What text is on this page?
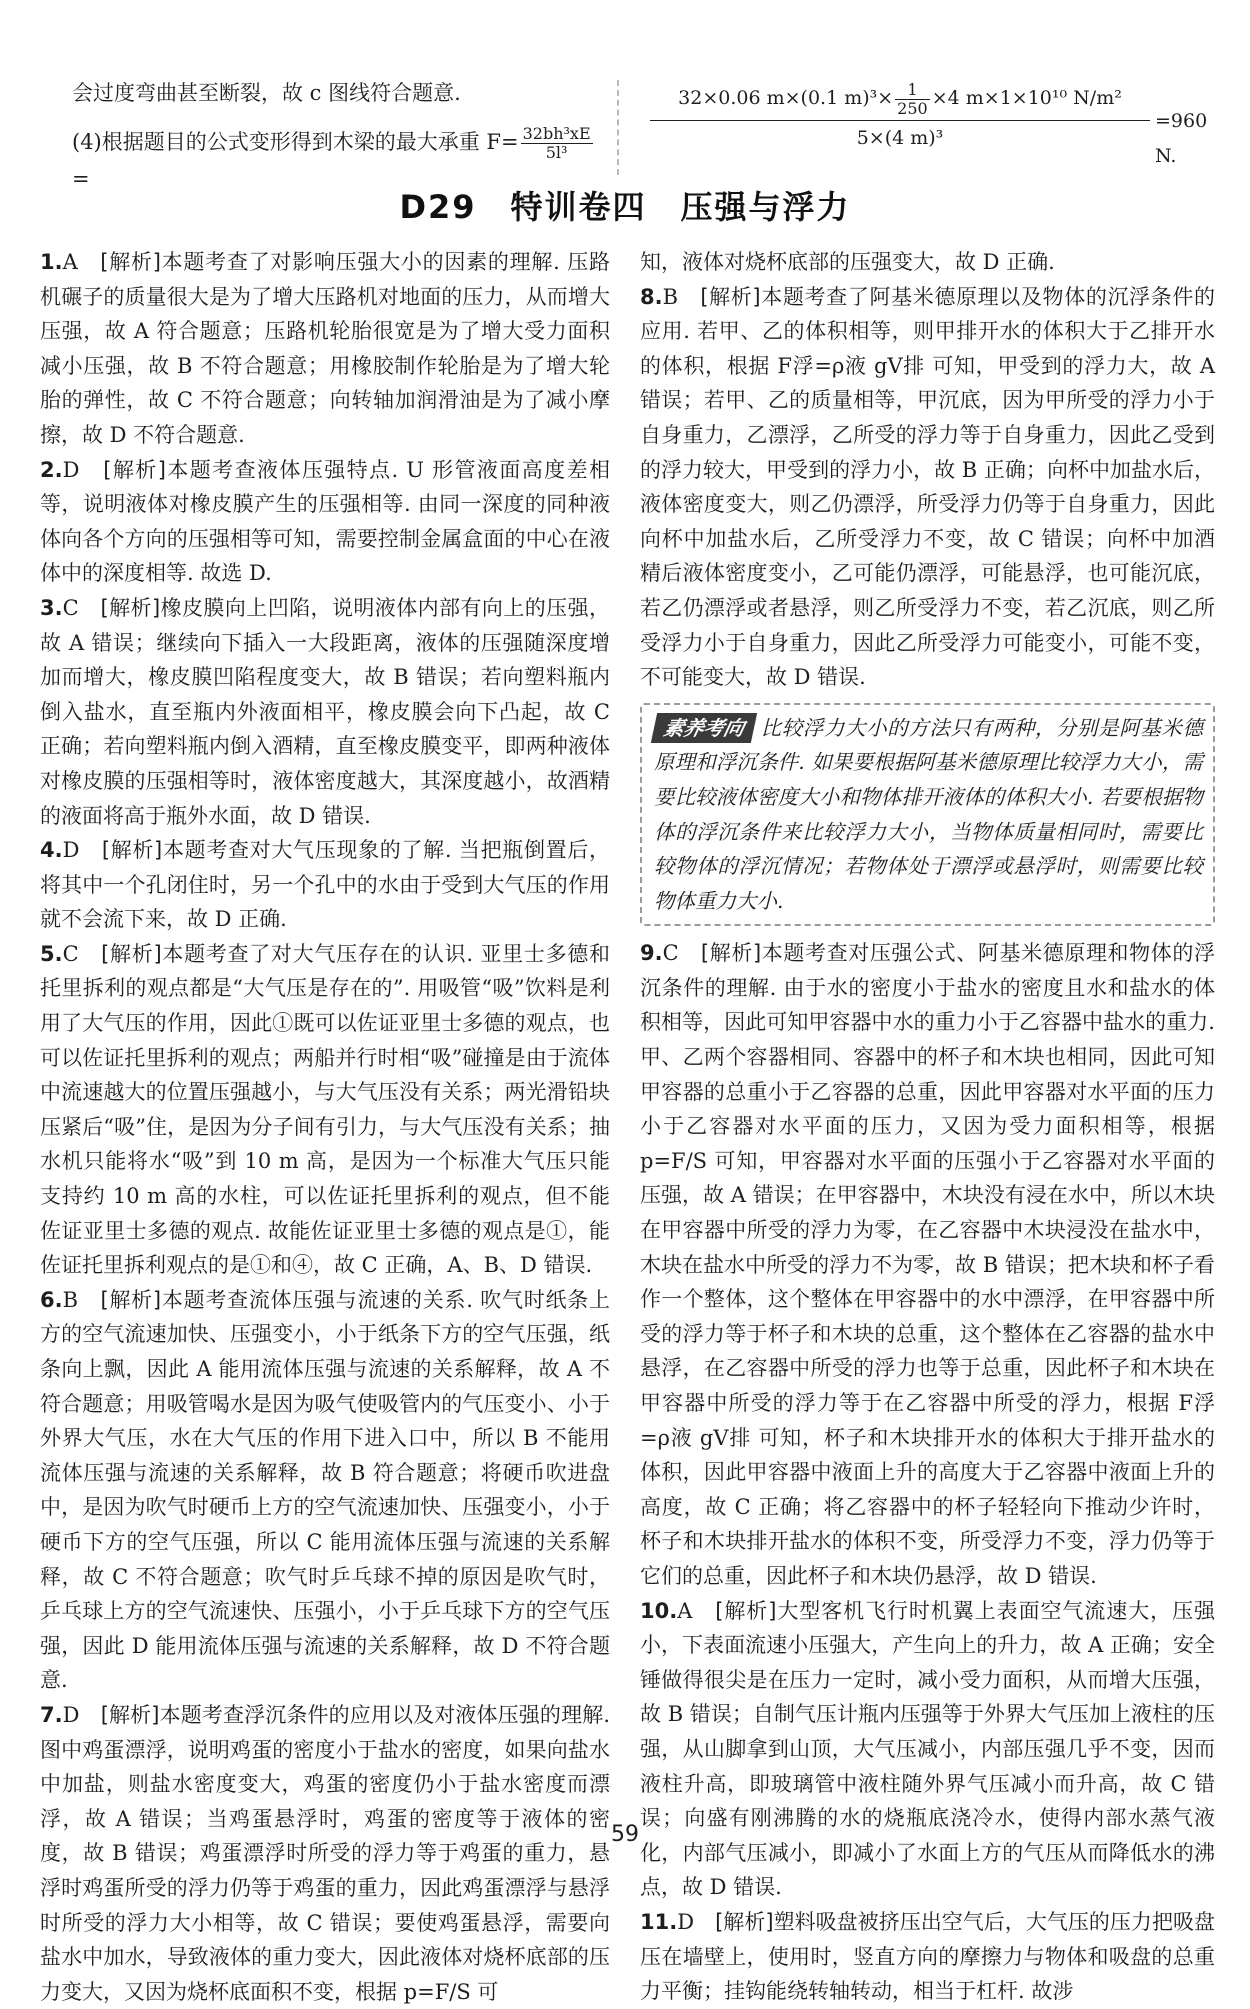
会过度弯曲甚至断裂，故 c 图线符合题意.

(4)根据题目的公式变形得到木梁的最大承重 $F= \frac{\text{32bh³xE}}{\text{5l³}}$
=

32×0.06 m×(0.1 $m)^3\times \frac{1}{250} \times 4$ m×1×10¹⁰ N/m²
5×(4 m)³
=960 N.
D29　特训卷四　压强与浮力

1.A　 [解析]本题考查了对影响压强大小的因素的理解. 压路机碾子的质量很大是为了增大压路机对地面的压力，从而增大压强，故 A 符合题意；压路机轮胎很宽是为了增大受力面积减小压强，故 B 不符合题意；用橡胶制作轮胎是为了增大轮胎的弹性，故 C 不符合题意；向转轴加润滑油是为了减小摩擦，故 D 不符合题意.

2.D　 [解析]本题考查液体压强特点. U 形管液面高度差相等，说明液体对橡皮膜产生的压强相等. 由同一深度的同种液体向各个方向的压强相等可知，需要控制金属盒面的中心在液体中的深度相等. 故选 D.

3.C　 [解析]橡皮膜向上凹陷，说明液体内部有向上的压强，故 A 错误；继续向下插入一大段距离，液体的压强随深度增加而增大，橡皮膜凹陷程度变大，故 B 错误；若向塑料瓶内倒入盐水，直至瓶内外液面相平，橡皮膜会向下凸起，故 C 正确；若向塑料瓶内倒入酒精，直至橡皮膜变平，即两种液体对橡皮膜的压强相等时，液体密度越大，其深度越小，故酒精的液面将高于瓶外水面，故 D 错误.

4.D　 [解析]本题考查对大气压现象的了解. 当把瓶倒置后，将其中一个孔闭住时，另一个孔中的水由于受到大气压的作用就不会流下来，故 D 正确.

5.C　 [解析]本题考查了对大气压存在的认识. 亚里士多德和托里拆利的观点都是“大气压是存在的”. 用吸管“吸”饮料是利用了大气压的作用，因此①既可以佐证亚里士多德的观点，也可以佐证托里拆利的观点；两船并行时相“吸”碰撞是由于流体中流速越大的位置压强越小，与大气压没有关系；两光滑铅块压紧后“吸”住，是因为分子间有引力，与大气压没有关系；抽水机只能将水“吸”到 10 m 高，是因为一个标准大气压只能支持约 10 m 高的水柱，可以佐证托里拆利的观点，但不能佐证亚里士多德的观点. 故能佐证亚里士多德的观点是①，能佐证托里拆利观点的是①和④，故 C 正确，A、B、D 错误.

6.B　 [解析]本题考查流体压强与流速的关系. 吹气时纸条上方的空气流速加快、压强变小，小于纸条下方的空气压强，纸条向上飘，因此 A 能用流体压强与流速的关系解释，故 A 不符合题意；用吸管喝水是因为吸气使吸管内的气压变小、小于外界大气压，水在大气压的作用下进入口中，所以 B 不能用流体压强与流速的关系解释，故 B 符合题意；将硬币吹进盘中，是因为吹气时硬币上方的空气流速加快、压强变小，小于硬币下方的空气压强，所以 C 能用流体压强与流速的关系解释，故 C 不符合题意；吹气时乒乓球不掉的原因是吹气时，乒乓球上方的空气流速快、压强小，小于乒乓球下方的空气压强，因此 D 能用流体压强与流速的关系解释，故 D 不符合题意.

7.D　 [解析]本题考查浮沉条件的应用以及对液体压强的理解. 图中鸡蛋漂浮，说明鸡蛋的密度小于盐水的密度，如果向盐水中加盐，则盐水密度变大，鸡蛋的密度仍小于盐水密度而漂浮，故 A 错误；当鸡蛋悬浮时，鸡蛋的密度等于液体的密度，故 B 错误；鸡蛋漂浮时所受的浮力等于鸡蛋的重力，悬浮时鸡蛋所受的浮力仍等于鸡蛋的重力，因此鸡蛋漂浮与悬浮时所受的浮力大小相等，故 C 错误；要使鸡蛋悬浮，需要向盐水中加水，导致液体的重力变大，因此液体对烧杯底部的压力变大，又因为烧杯底面积不变，根据 p=F/S 可

知，液体对烧杯底部的压强变大，故 D 正确.

8.B　 [解析]本题考查了阿基米德原理以及物体的沉浮条件的应用. 若甲、乙的体积相等，则甲排开水的体积大于乙排开水的体积，根据 F浮=ρ液 gV排 可知，甲受到的浮力大，故 A 错误；若甲、乙的质量相等，甲沉底，因为甲所受的浮力小于自身重力，乙漂浮，乙所受的浮力等于自身重力，因此乙受到的浮力较大，甲受到的浮力小，故 B 正确；向杯中加盐水后，液体密度变大，则乙仍漂浮，所受浮力仍等于自身重力，因此向杯中加盐水后，乙所受浮力不变，故 C 错误；向杯中加酒精后液体密度变小，乙可能仍漂浮，可能悬浮，也可能沉底，若乙仍漂浮或者悬浮，则乙所受浮力不变，若乙沉底，则乙所受浮力小于自身重力，因此乙所受浮力可能变小，可能不变，不可能变大，故 D 错误.

素养考向 比较浮力大小的方法只有两种，分别是阿基米德原理和浮沉条件. 如果要根据阿基米德原理比较浮力大小，需要比较液体密度大小和物体排开液体的体积大小. 若要根据物体的浮沉条件来比较浮力大小，当物体质量相同时，需要比较物体的浮沉情况；若物体处于漂浮或悬浮时，则需要比较物体重力大小.

9.C　 [解析]本题考查对压强公式、阿基米德原理和物体的浮沉条件的理解. 由于水的密度小于盐水的密度且水和盐水的体积相等，因此可知甲容器中水的重力小于乙容器中盐水的重力. 甲、乙两个容器相同、容器中的杯子和木块也相同，因此可知甲容器的总重小于乙容器的总重，因此甲容器对水平面的压力小于乙容器对水平面的压力，又因为受力面积相等，根据 p=F/S 可知，甲容器对水平面的压强小于乙容器对水平面的压强，故 A 错误；在甲容器中，木块没有浸在水中，所以木块在甲容器中所受的浮力为零，在乙容器中木块浸没在盐水中，木块在盐水中所受的浮力不为零，故 B 错误；把木块和杯子看作一个整体，这个整体在甲容器中的水中漂浮，在甲容器中所受的浮力等于杯子和木块的总重，这个整体在乙容器的盐水中悬浮，在乙容器中所受的浮力也等于总重，因此杯子和木块在甲容器中所受的浮力等于在乙容器中所受的浮力，根据 F浮=ρ液 gV排 可知，杯子和木块排开水的体积大于排开盐水的体积，因此甲容器中液面上升的高度大于乙容器中液面上升的高度，故 C 正确；将乙容器中的杯子轻轻向下推动少许时，杯子和木块排开盐水的体积不变，所受浮力不变，浮力仍等于它们的总重，因此杯子和木块仍悬浮，故 D 错误.

10.A　 [解析]大型客机飞行时机翼上表面空气流速大，压强小，下表面流速小压强大，产生向上的升力，故 A 正确；安全锤做得很尖是在压力一定时，减小受力面积，从而增大压强，故 B 错误；自制气压计瓶内压强等于外界大气压加上液柱的压强，从山脚拿到山顶，大气压减小，内部压强几乎不变，因而液柱升高，即玻璃管中液柱随外界气压减小而升高，故 C 错误；向盛有刚沸腾的水的烧瓶底浇冷水，使得内部水蒸气液化，内部气压减小，即减小了水面上方的气压从而降低水的沸点，故 D 错误.

11.D　 [解析]塑料吸盘被挤压出空气后，大气压的压力把吸盘压在墙壁上，使用时，竖直方向的摩擦力与物体和吸盘的总重力平衡；挂钩能绕转轴转动，相当于杠杆. 故涉

59
